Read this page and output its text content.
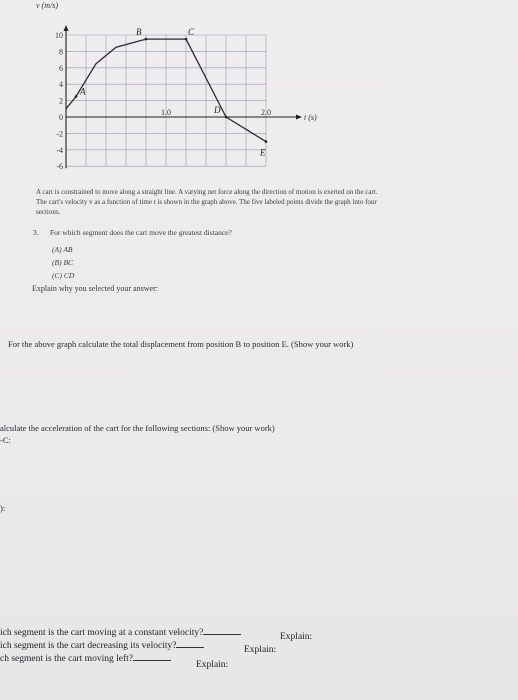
10
8
6
4
2
0
-2
-4
-6
1.0	2.0
v (m/s)
t (s)
A
B	C
D
E
A cart is constrained to move along a straight line. A varying net force along the direction of motion is exerted on the cart.
The cart's velocity v as a function of time t is shown in the graph above. The five labeled points divide the graph into four
sections.
3. For which segment does the cart move the greatest distance?
(A) AB
(B) BC
(C) CD
Explain why you selected your answer:
For the above graph calculate the total displacement from position B to position E. (Show your work)
alculate the acceleration of the cart for the following sections: (Show your work)
-C:
):
ich segment is the cart moving at a constant velocity?	Explain:
ich segment is the cart decreasing its velocity?	Explain:
ch segment is the cart moving left?
Explain:
